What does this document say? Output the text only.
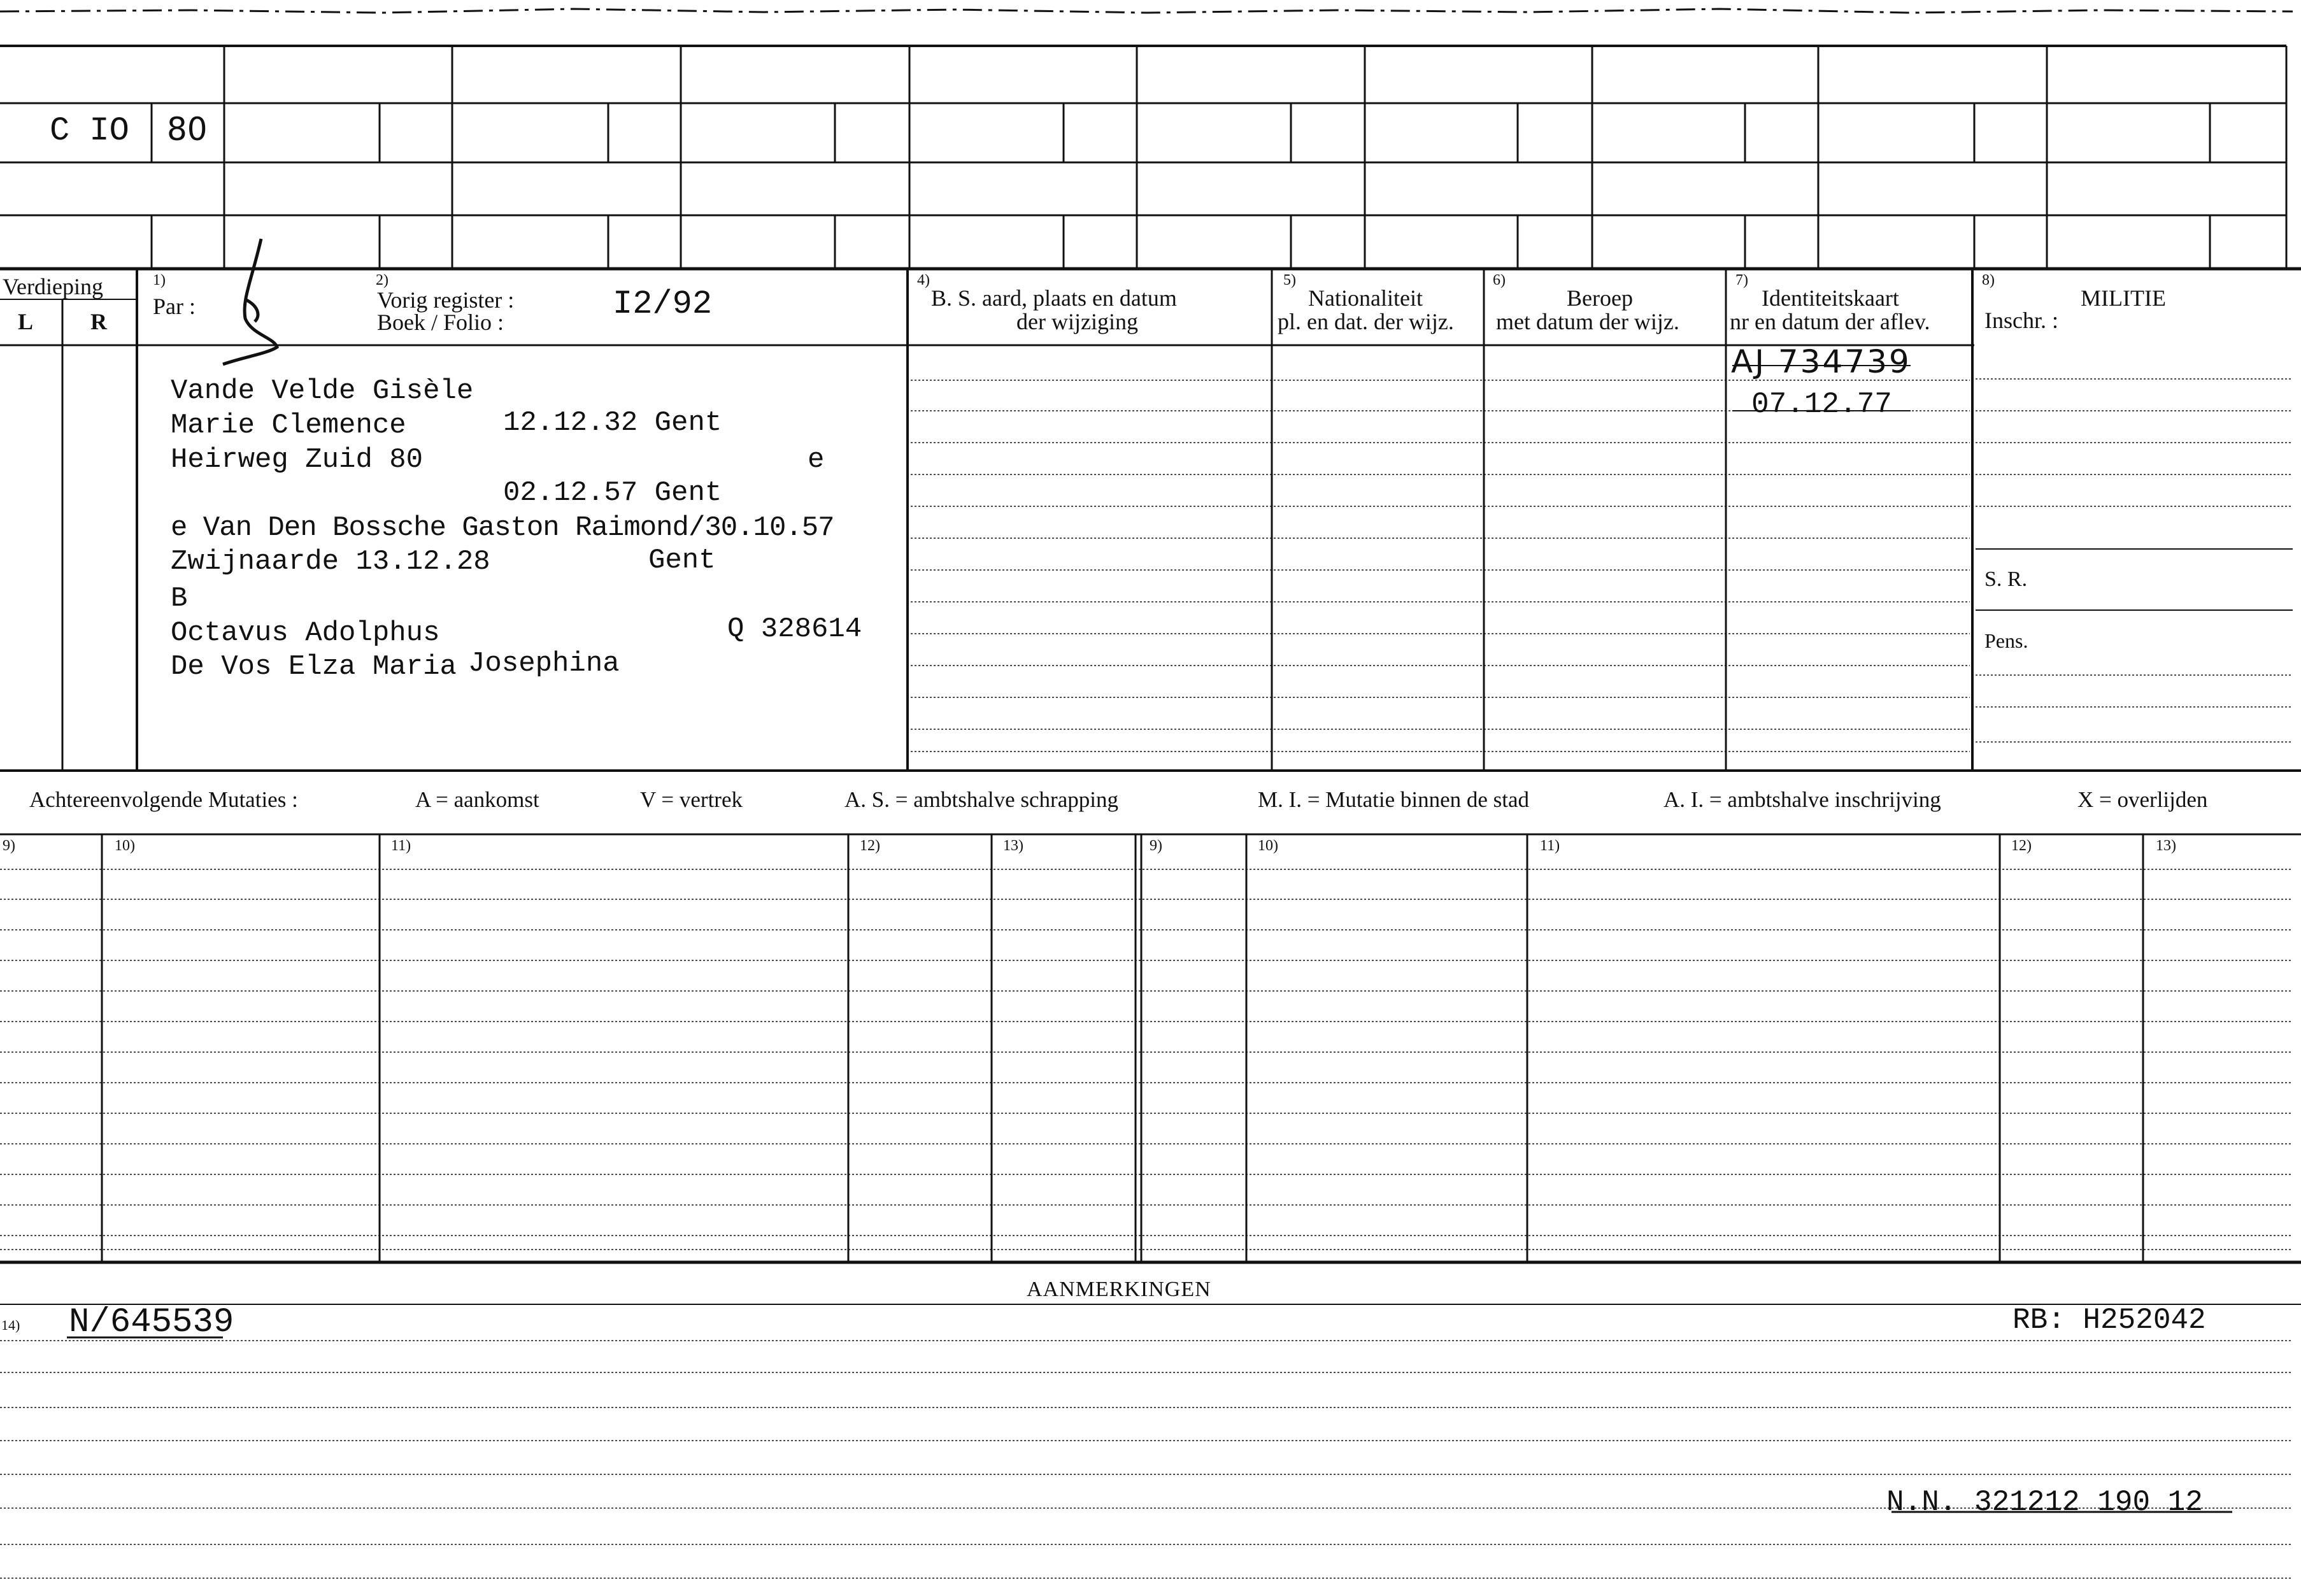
C IO 80
Verdieping
L R
1)
Par :
2)
Vorig register :
Boek / Folio :	I2/92
4)
B. S. aard, plaats en datum
der wijziging
5)
Nationaliteit
pl. en dat. der wijz.
6)
Beroep
met datum der wijz.
7)
Identiteitskaart
nr en datum der aflev.
8)
MILITIE
Inschr. :
S. R.
Pens.
Vande Velde Gisèle
Marie Clemence	12.12.32 Gent
Heirweg Zuid 80	e
02.12.57 Gent
e Van Den Bossche Gaston Raimond/30.10.57
Zwijnaarde 13.12.28	Gent
B
Octavus Adolphus	Q 328614
De Vos Elza Maria Josephina
AJ 734739
07.12.77
Achtereenvolgende Mutaties :	A = aankomst	V = vertrek	A. S. = ambtshalve schrapping	M. I. = Mutatie binnen de stad	A. I. = ambtshalve inschrijving	X = overlijden
9)	10)	11)	12)	13)	9)	10)	11)	12)	13)
AANMERKINGEN
14) N/645539	RB: H252042
N.N. 321212 190 12
